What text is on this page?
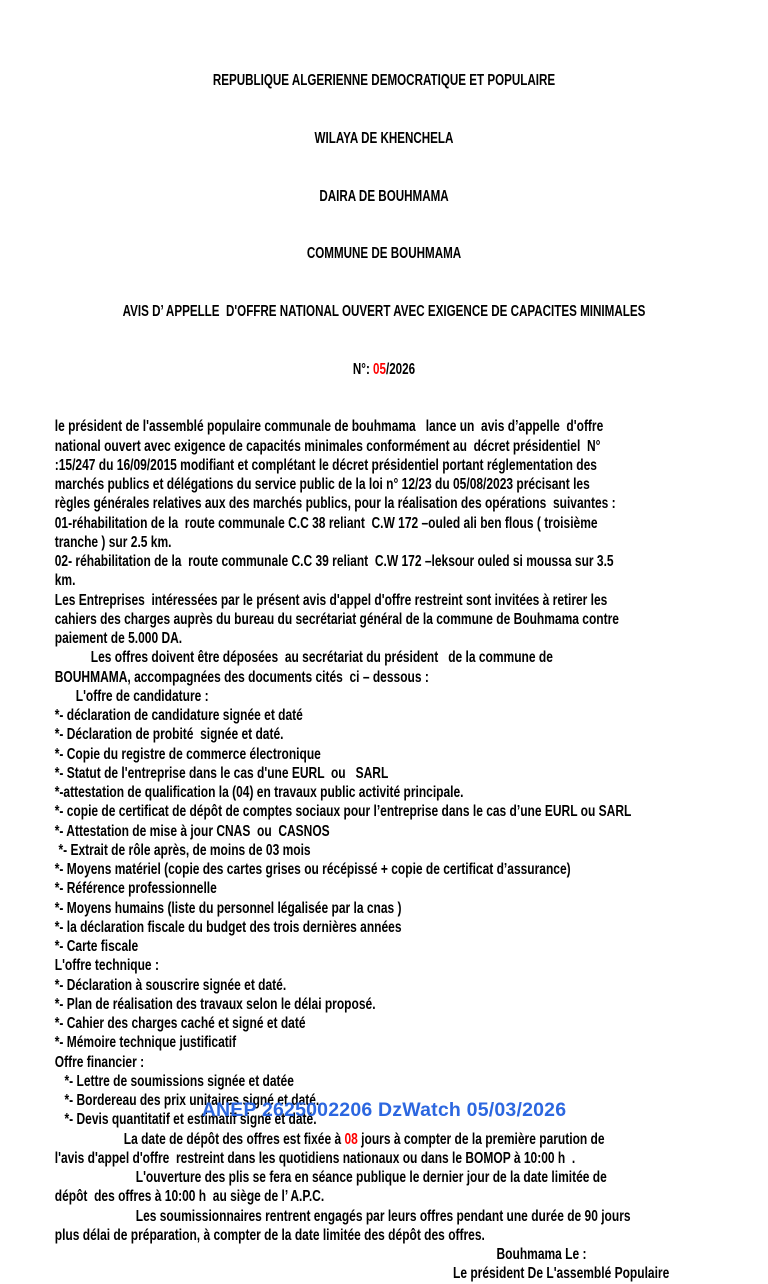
REPUBLIQUE ALGERIENNE DEMOCRATIQUE ET POPULAIRE

WILAYA DE KHENCHELA

DAIRA DE BOUHMAMA

COMMUNE DE BOUHMAMA

AVIS D’ APPELLE  D'OFFRE NATIONAL OUVERT AVEC EXIGENCE DE CAPACITES MINIMALES

N°: 05/2026

le président de l'assemblé populaire communale de bouhmama   lance un  avis d’appelle  d'offre
national ouvert avec exigence de capacités minimales conformément au  décret présidentiel  N°
:15/247 du 16/09/2015 modifiant et complétant le décret présidentiel portant réglementation des
marchés publics et délégations du service public de la loi n° 12/23 du 05/08/2023 précisant les
règles générales relatives aux des marchés publics, pour la réalisation des opérations  suivantes :
01-réhabilitation de la  route communale C.C 38 reliant  C.W 172 –ouled ali ben flous ( troisième
tranche ) sur 2.5 km.
02- réhabilitation de la  route communale C.C 39 reliant  C.W 172 –leksour ouled si moussa sur 3.5
km.
Les Entreprises  intéressées par le présent avis d'appel d'offre restreint sont invitées à retirer les
cahiers des charges auprès du bureau du secrétariat général de la commune de Bouhmama contre
paiement de 5.000 DA.
Les offres doivent être déposées  au secrétariat du président   de la commune de
BOUHMAMA, accompagnées des documents cités  ci – dessous :
L'offre de candidature :
*- déclaration de candidature signée et daté
*- Déclaration de probité  signée et daté.
*- Copie du registre de commerce électronique
*- Statut de l'entreprise dans le cas d'une EURL  ou   SARL
*-attestation de qualification la (04) en travaux public activité principale.
*- copie de certificat de dépôt de comptes sociaux pour l’entreprise dans le cas d’une EURL ou SARL
*- Attestation de mise à jour CNAS  ou  CASNOS
*- Extrait de rôle après, de moins de 03 mois
*- Moyens matériel (copie des cartes grises ou récépissé + copie de certificat d’assurance)
*- Référence professionnelle
*- Moyens humains (liste du personnel légalisée par la cnas )
*- la déclaration fiscale du budget des trois dernières années
*- Carte fiscale
L'offre technique :
*- Déclaration à souscrire signée et daté.
*- Plan de réalisation des travaux selon le délai proposé.
*- Cahier des charges caché et signé et daté
*- Mémoire technique justificatif
Offre financier :
*- Lettre de soumissions signée et datée
*- Bordereau des prix unitaires signé et daté.
*- Devis quantitatif et estimatif signé et daté.
La date de dépôt des offres est fixée à 08 jours à compter de la première parution de
l'avis d'appel d'offre  restreint dans les quotidiens nationaux ou dans le BOMOP à 10:00 h  .
L'ouverture des plis se fera en séance publique le dernier jour de la date limitée de
dépôt  des offres à 10:00 h  au siège de l’ A.P.C.
Les soumissionnaires rentrent engagés par leurs offres pendant une durée de 90 jours
plus délai de préparation, à compter de la date limitée des dépôt des offres.
Bouhmama Le :
Le président De L'assemblé Populaire
ANEP 2625002206 DzWatch 05/03/2026
